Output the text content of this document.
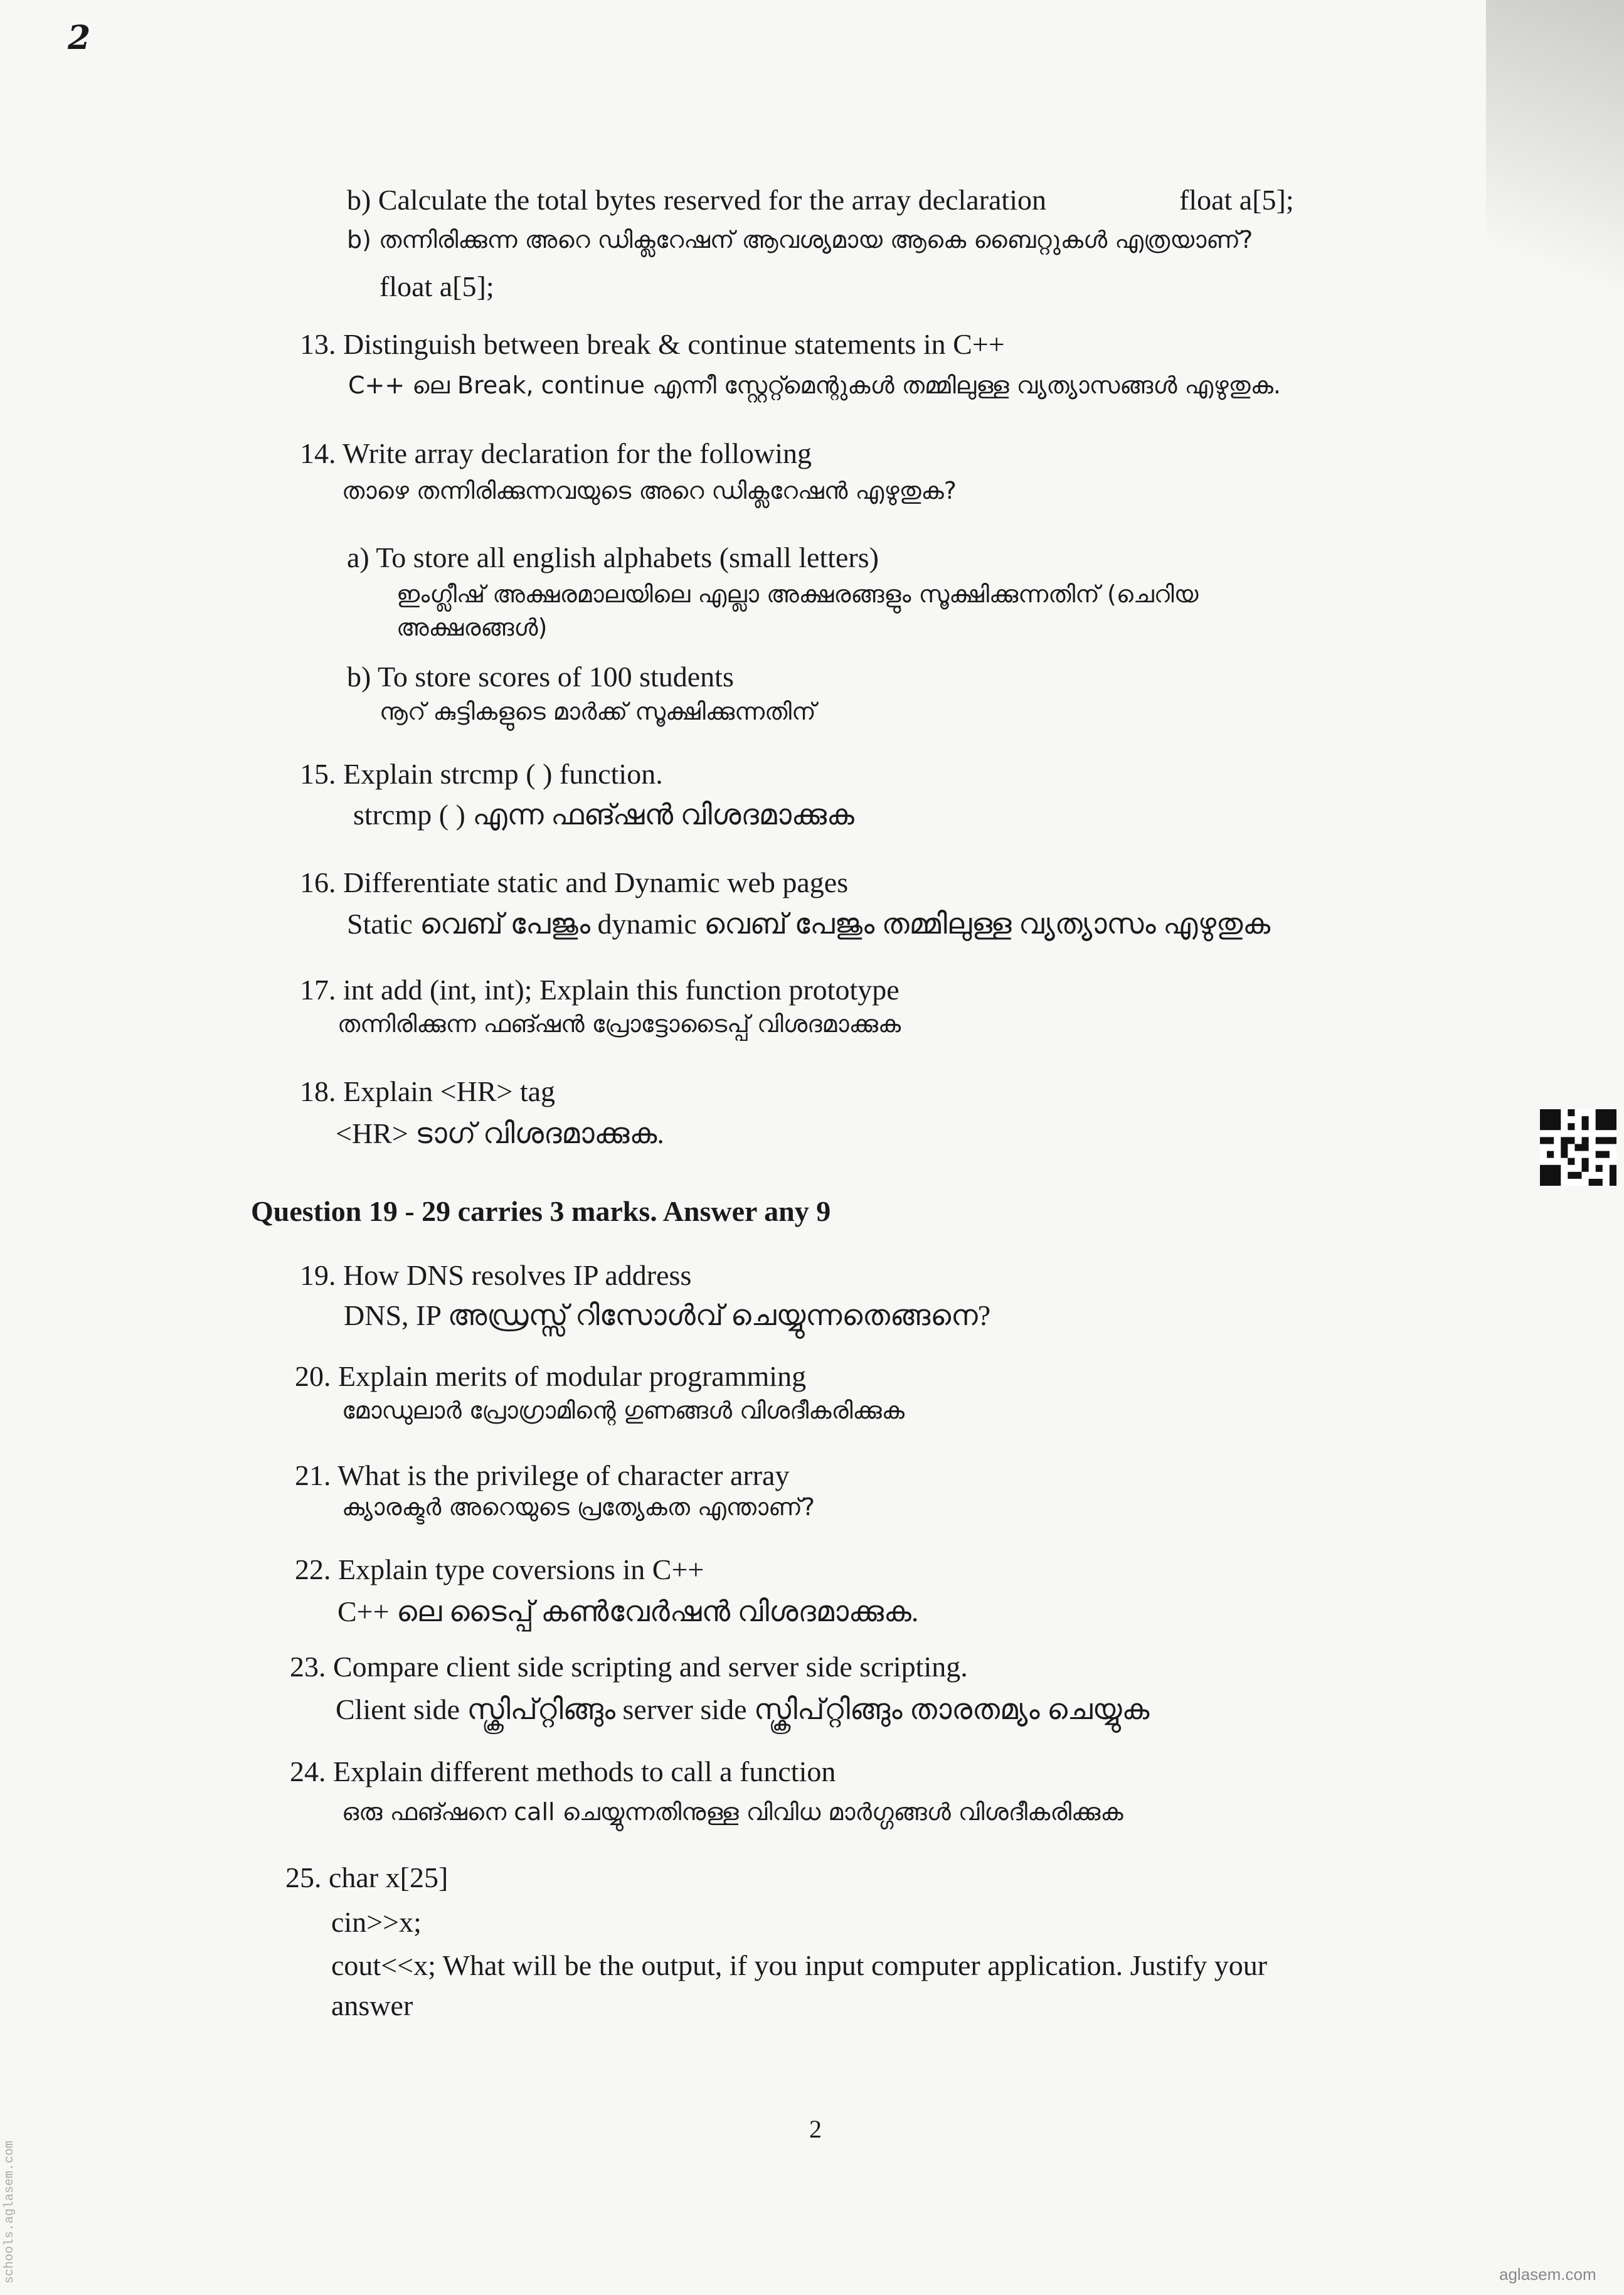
2
b) Calculate the total bytes reserved for the array declaration	float a[5];
b) തന്നിരിക്കുന്ന അറെ ഡിക്ലറേഷന് ആവശ്യമായ ആകെ ബൈറ്റുകൾ എത്രയാണ്?
float a[5];
13. Distinguish between break & continue statements in C++
C++ ലെ Break, continue എന്നീ സ്റ്റേറ്റ്മെന്റുകൾ തമ്മിലുള്ള വ്യത്യാസങ്ങൾ എഴുതുക.
14. Write array declaration for the following
താഴെ തന്നിരിക്കുന്നവയുടെ അറെ ഡിക്ലറേഷൻ എഴുതുക?
a) To store all english alphabets (small letters)
ഇംഗ്ലീഷ് അക്ഷരമാലയിലെ എല്ലാ അക്ഷരങ്ങളും സൂക്ഷിക്കുന്നതിന് (ചെറിയ
അക്ഷരങ്ങൾ)
b) To store scores of 100 students
നൂറ് കുട്ടികളുടെ മാർക്ക് സൂക്ഷിക്കുന്നതിന്
15. Explain strcmp ( ) function.
strcmp ( ) എന്ന ഫങ്ഷൻ വിശദമാക്കുക
16. Differentiate static and Dynamic web pages
Static വെബ് പേജും dynamic വെബ് പേജും തമ്മിലുള്ള വ്യത്യാസം എഴുതുക
17. int add (int, int); Explain this function prototype
തന്നിരിക്കുന്ന ഫങ്ഷൻ പ്രോട്ടോടൈപ്പ് വിശദമാക്കുക
18. Explain <HR> tag
<HR> ടാഗ് വിശദമാക്കുക.
Question 19 - 29 carries 3 marks. Answer any 9
19. How DNS resolves IP address
DNS, IP അഡ്രസ്സ് റിസോൾവ് ചെയ്യുന്നതെങ്ങനെ?
20. Explain merits of modular programming
മോഡുലാർ പ്രോഗ്രാമിന്റെ ഗുണങ്ങൾ വിശദീകരിക്കുക
21. What is the privilege of character array
ക്യാരക്ടർ അറെയുടെ പ്രത്യേകത എന്താണ്?
22. Explain type coversions in C++
C++ ലെ ടൈപ്പ് കൺവേർഷൻ വിശദമാക്കുക.
23. Compare client side scripting and server side scripting.
Client side സ്ക്രിപ്റ്റിങ്ങും server side സ്ക്രിപ്റ്റിങ്ങും താരതമ്യം ചെയ്യുക
24. Explain different methods to call a function
ഒരു ഫങ്ഷനെ call ചെയ്യുന്നതിനുള്ള വിവിധ മാർഗ്ഗങ്ങൾ വിശദീകരിക്കുക
25. char x[25]
cin>>x;
cout<<x; What will be the output, if you input computer application. Justify your
answer
2
aglasem.com
schools.aglasem.com
